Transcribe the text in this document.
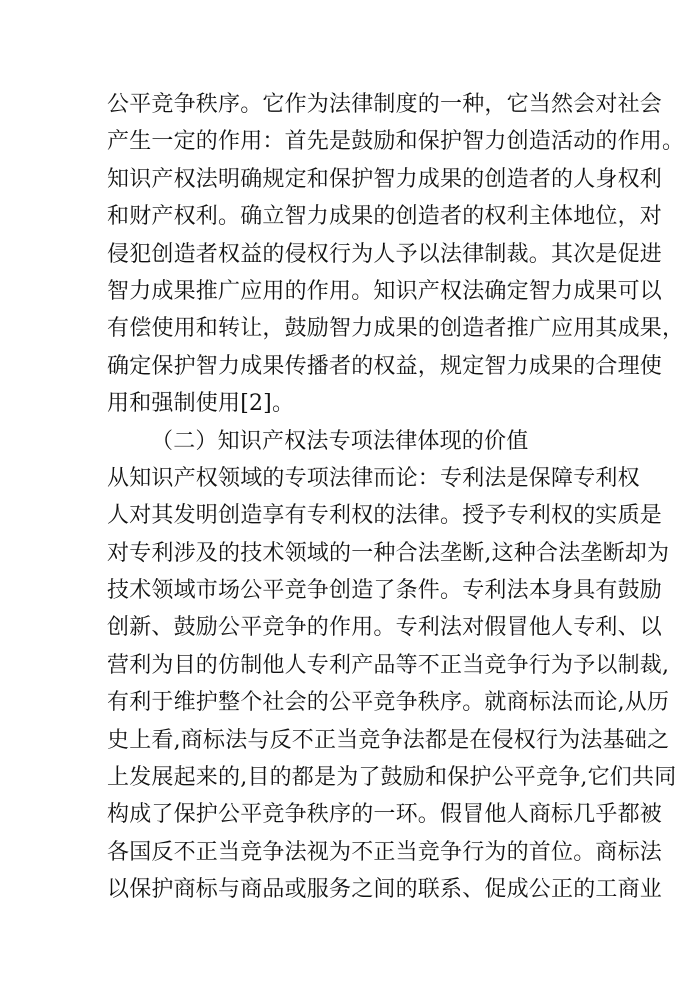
公平竞争秩序。它作为法律制度的一种，它当然会对社会
产生一定的作用：首先是鼓励和保护智力创造活动的作用。
知识产权法明确规定和保护智力成果的创造者的人身权利
和财产权利。确立智力成果的创造者的权利主体地位，对
侵犯创造者权益的侵权行为人予以法律制裁。其次是促进
智力成果推广应用的作用。知识产权法确定智力成果可以
有偿使用和转让，鼓励智力成果的创造者推广应用其成果，
确定保护智力成果传播者的权益，规定智力成果的合理使
用和强制使用[2]。
（二）知识产权法专项法律体现的价值
从知识产权领域的专项法律而论：专利法是保障专利权
人对其发明创造享有专利权的法律。授予专利权的实质是
对专利涉及的技术领域的一种合法垄断,这种合法垄断却为
技术领域市场公平竞争创造了条件。专利法本身具有鼓励
创新、鼓励公平竞争的作用。专利法对假冒他人专利、以
营利为目的仿制他人专利产品等不正当竞争行为予以制裁,
有利于维护整个社会的公平竞争秩序。就商标法而论,从历
史上看,商标法与反不正当竞争法都是在侵权行为法基础之
上发展起来的,目的都是为了鼓励和保护公平竞争,它们共同
构成了保护公平竞争秩序的一环。假冒他人商标几乎都被
各国反不正当竞争法视为不正当竞争行为的首位。商标法
以保护商标与商品或服务之间的联系、促成公正的工商业
